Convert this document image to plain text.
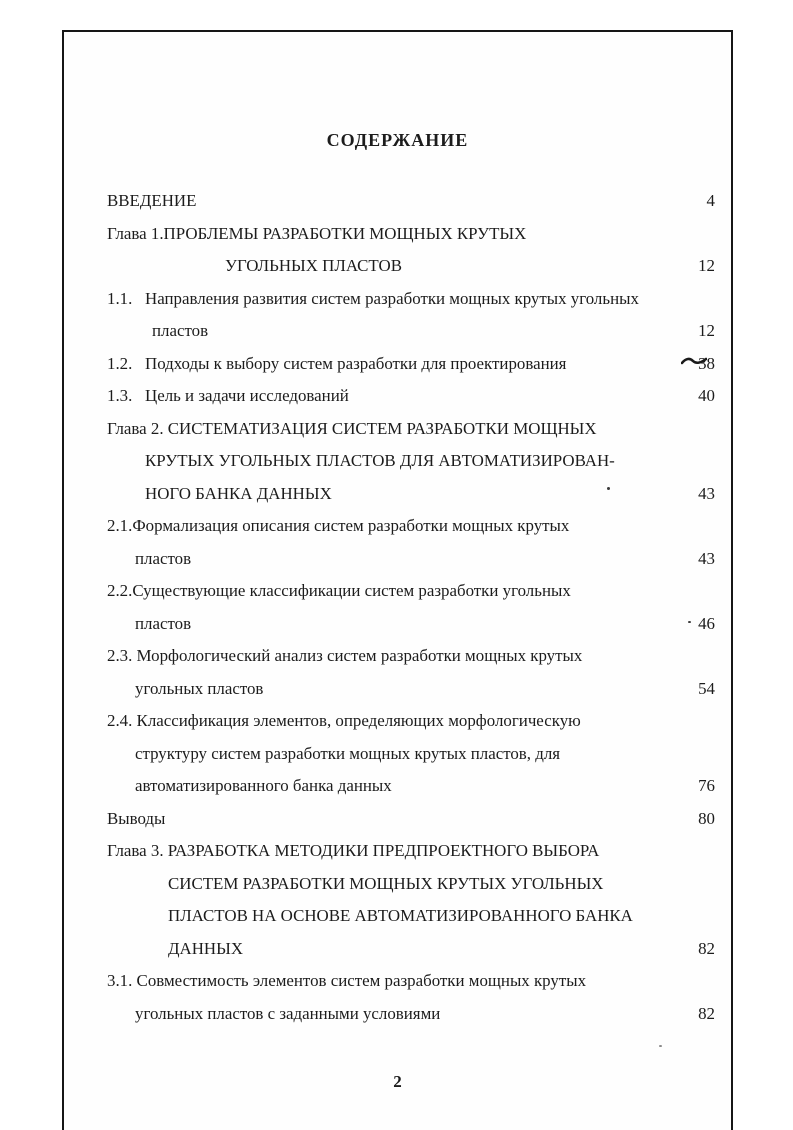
СОДЕРЖАНИЕ
ВВЕДЕНИЕ	4
Глава 1.ПРОБЛЕМЫ РАЗРАБОТКИ МОЩНЫХ КРУТЫХ
УГОЛЬНЫХ ПЛАСТОВ	12
1.1.   Направления развития систем разработки мощных крутых угольных
пластов	12
1.2.   Подходы к выбору систем разработки для проектирования	38
1.3.   Цель и задачи исследований	40
Глава 2. СИСТЕМАТИЗАЦИЯ СИСТЕМ РАЗРАБОТКИ МОЩНЫХ
КРУТЫХ УГОЛЬНЫХ ПЛАСТОВ ДЛЯ АВТОМАТИЗИРОВАН-
НОГО БАНКА ДАННЫХ	43
2.1.Формализация описания систем разработки мощных крутых
пластов	43
2.2.Существующие классификации систем разработки угольных
пластов	46
2.3. Морфологический анализ систем разработки мощных крутых
угольных пластов	54
2.4. Классификация элементов, определяющих морфологическую
структуру систем разработки мощных крутых пластов, для
автоматизированного банка данных	76
Выводы	80
Глава 3. РАЗРАБОТКА МЕТОДИКИ ПРЕДПРОЕКТНОГО ВЫБОРА
СИСТЕМ РАЗРАБОТКИ МОЩНЫХ КРУТЫХ УГОЛЬНЫХ
ПЛАСТОВ НА ОСНОВЕ АВТОМАТИЗИРОВАННОГО БАНКА
ДАННЫХ	82
3.1. Совместимость элементов систем разработки мощных крутых
угольных пластов с заданными условиями	82
2
